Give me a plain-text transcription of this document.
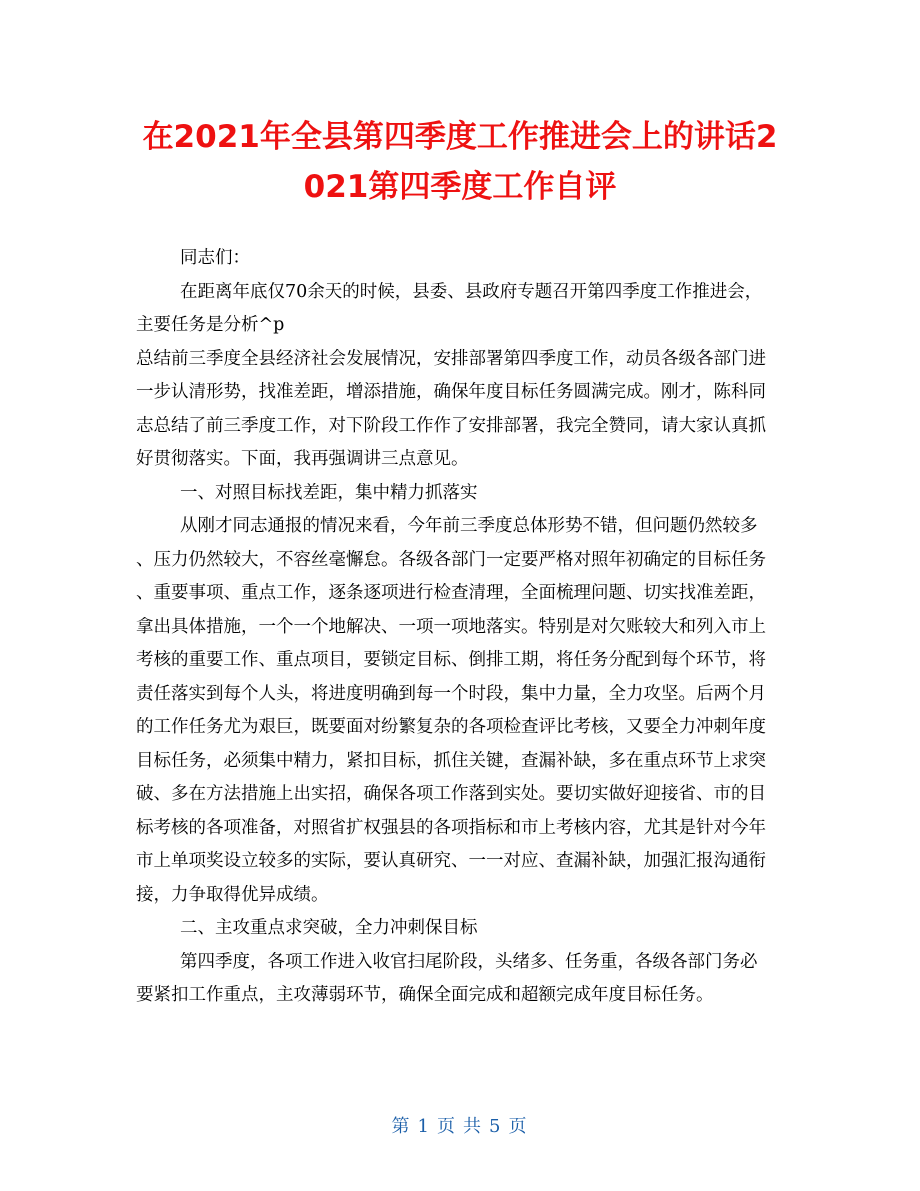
在2021年全县第四季度工作推进会上的讲话2
021第四季度工作自评

同志们：

在距离年底仅70余天的时候，县委、县政府专题召开第四季度工作推进会，

主要任务是分析^p

总结前三季度全县经济社会发展情况，安排部署第四季度工作，动员各级各部门进

一步认清形势，找准差距，增添措施，确保年度目标任务圆满完成。刚才，陈科同

志总结了前三季度工作，对下阶段工作作了安排部署，我完全赞同，请大家认真抓

好贯彻落实。下面，我再强调讲三点意见。

一、对照目标找差距，集中精力抓落实

从刚才同志通报的情况来看，今年前三季度总体形势不错，但问题仍然较多

、压力仍然较大，不容丝毫懈怠。各级各部门一定要严格对照年初确定的目标任务

、重要事项、重点工作，逐条逐项进行检查清理，全面梳理问题、切实找准差距，

拿出具体措施，一个一个地解决、一项一项地落实。特别是对欠账较大和列入市上

考核的重要工作、重点项目，要锁定目标、倒排工期，将任务分配到每个环节，将

责任落实到每个人头，将进度明确到每一个时段，集中力量，全力攻坚。后两个月

的工作任务尤为艰巨，既要面对纷繁复杂的各项检查评比考核，又要全力冲刺年度

目标任务，必须集中精力，紧扣目标，抓住关键，查漏补缺，多在重点环节上求突

破、多在方法措施上出实招，确保各项工作落到实处。要切实做好迎接省、市的目

标考核的各项准备，对照省扩权强县的各项指标和市上考核内容，尤其是针对今年

市上单项奖设立较多的实际，要认真研究、一一对应、查漏补缺，加强汇报沟通衔

接，力争取得优异成绩。

二、主攻重点求突破，全力冲刺保目标

第四季度，各项工作进入收官扫尾阶段，头绪多、任务重，各级各部门务必

要紧扣工作重点，主攻薄弱环节，确保全面完成和超额完成年度目标任务。

第 1 页 共 5 页
